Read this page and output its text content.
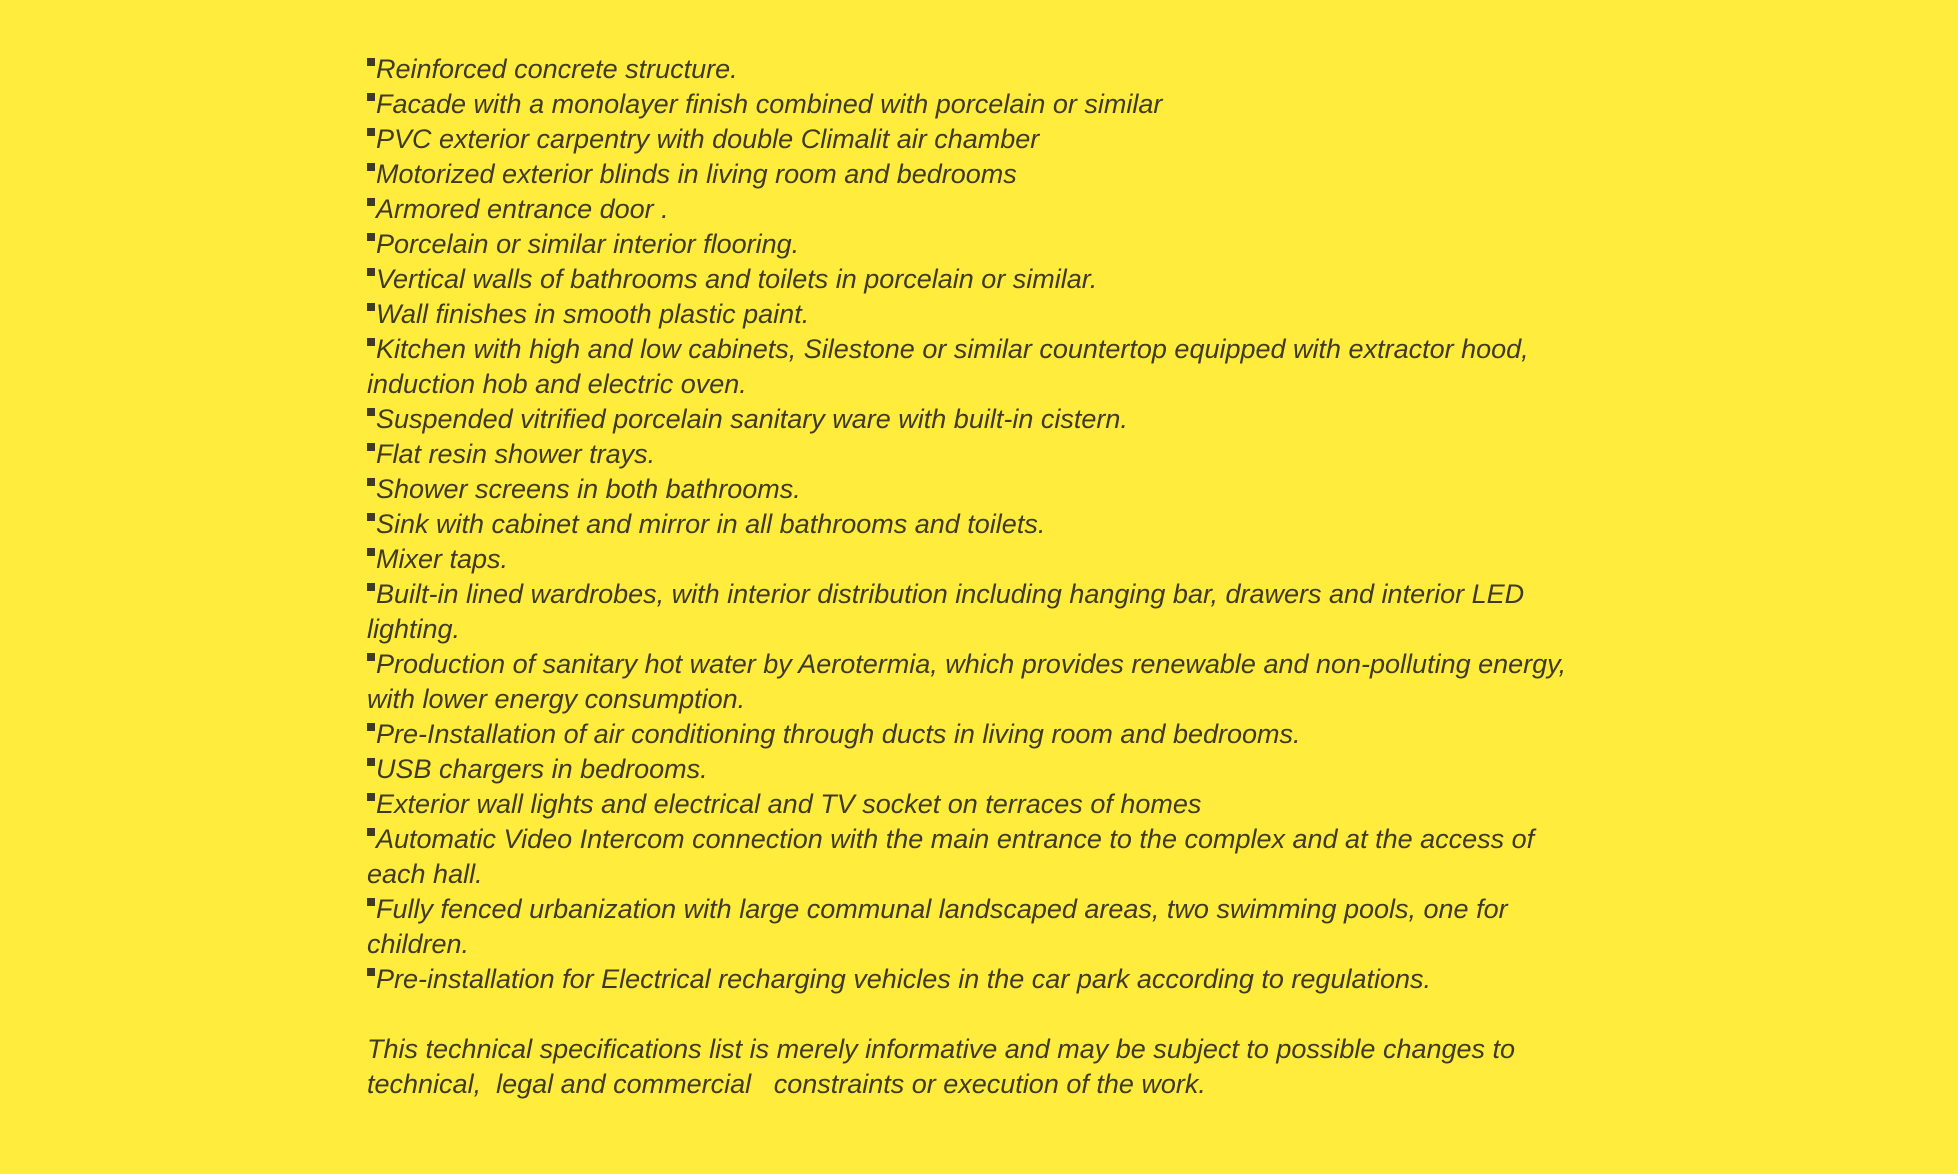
Reinforced concrete structure.
Facade with a monolayer finish combined with porcelain or similar
PVC exterior carpentry with double Climalit air chamber
Motorized exterior blinds in living room and bedrooms
Armored entrance door .
Porcelain or similar interior flooring.
Vertical walls of bathrooms and toilets in porcelain or similar.
Wall finishes in smooth plastic paint.
Kitchen with high and low cabinets, Silestone or similar countertop equipped with extractor hood, induction hob and electric oven.
Suspended vitrified porcelain sanitary ware with built-in cistern.
Flat resin shower trays.
Shower screens in both bathrooms.
Sink with cabinet and mirror in all bathrooms and toilets.
Mixer taps.
Built-in lined wardrobes, with interior distribution including hanging bar, drawers and interior LED lighting.
Production of sanitary hot water by Aerotermia, which provides renewable and non-polluting energy, with lower energy consumption.
Pre-Installation of air conditioning through ducts in living room and bedrooms.
USB chargers in bedrooms.
Exterior wall lights and electrical and TV socket on terraces of homes
Automatic Video Intercom connection with the main entrance to the complex and at the access of each hall.
Fully fenced urbanization with large communal landscaped areas, two swimming pools, one for children.
Pre-installation for Electrical recharging vehicles in the car park according to regulations.

This technical specifications list is merely informative and may be subject to possible changes to technical,  legal and commercial   constraints or execution of the work.
